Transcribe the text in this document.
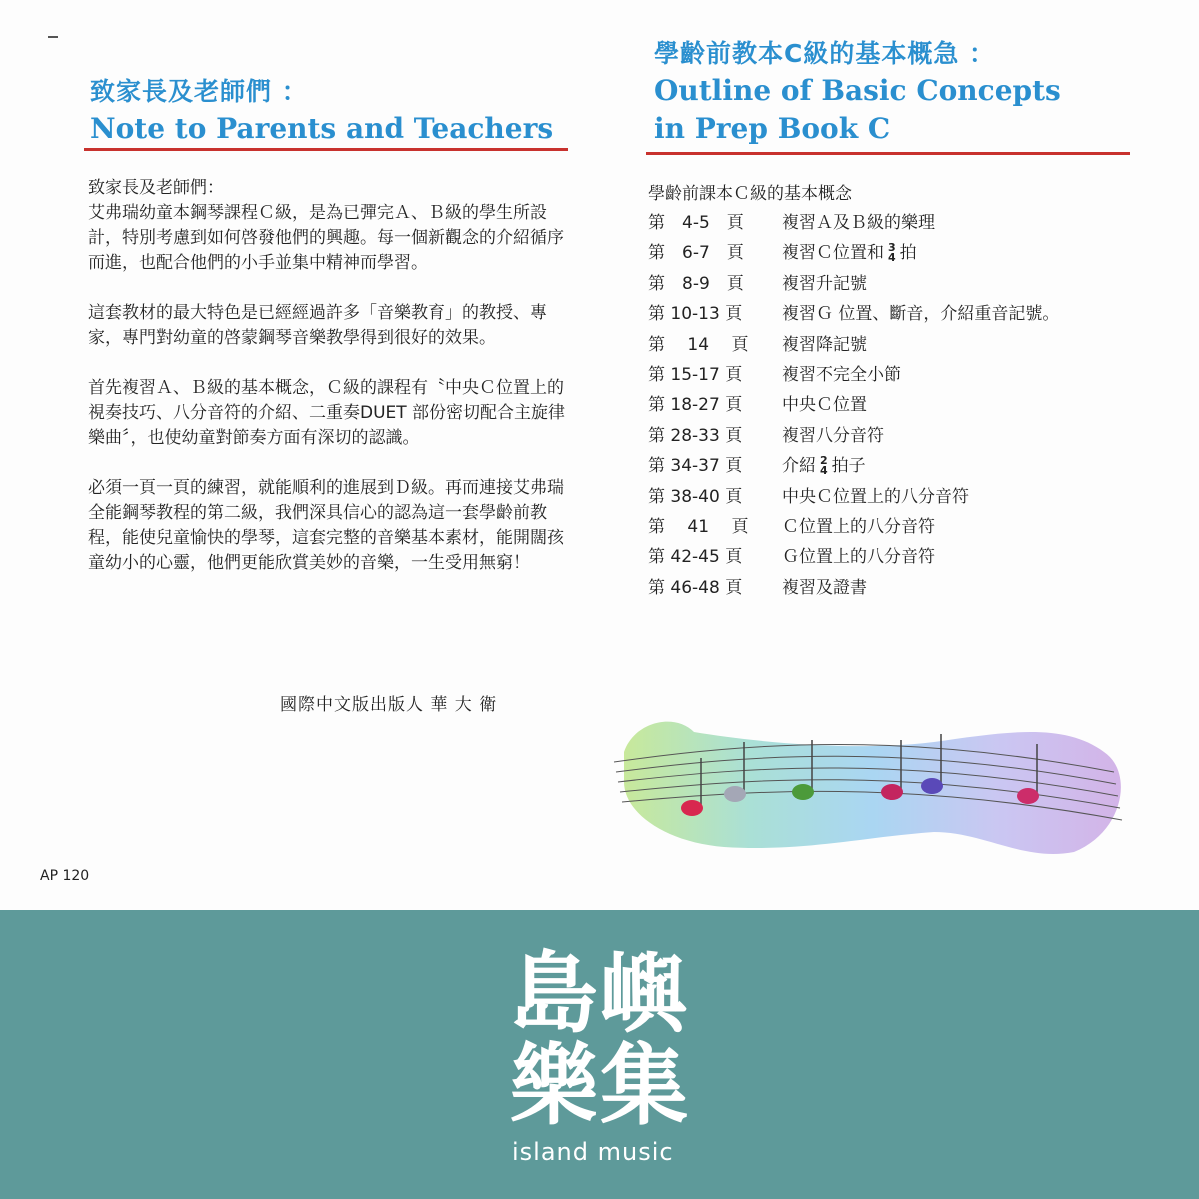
致家長及老師們 ：
Note to Parents and Teachers

致家長及老師們：
艾弗瑞幼童本鋼琴課程Ｃ級，是為已彈完Ａ、Ｂ級的學生所設計，特別考慮到如何啓發他們的興趣。每一個新觀念的介紹循序而進，也配合他們的小手並集中精神而學習。

這套教材的最大特色是已經經過許多「音樂教育」的教授、專家，專門對幼童的啓蒙鋼琴音樂教學得到很好的效果。

首先複習Ａ、Ｂ級的基本概念，Ｃ級的課程有〝中央Ｃ位置上的視奏技巧、八分音符的介紹、二重奏DUET 部份密切配合主旋律樂曲〞，也使幼童對節奏方面有深切的認識。

必須一頁一頁的練習，就能順利的進展到Ｄ級。再而連接艾弗瑞全能鋼琴教程的第二級，我們深具信心的認為這一套學齡前教程，能使兒童愉快的學琴，這套完整的音樂基本素材，能開闊孩童幼小的心靈，他們更能欣賞美妙的音樂，一生受用無窮！

國際中文版出版人 華 大 衛
學齡前教本C級的基本概急 ：
Outline of Basic Concepts
in Prep Book C
學齡前課本Ｃ級的基本概念
第　4-5　頁	複習Ａ及Ｂ級的樂理
第　6-7　頁	複習Ｃ位置和 3
4 拍
第　8-9　頁	複習升記號
第 10-13 頁	複習Ｇ 位置、斷音，介紹重音記號。
第　 14 　頁	複習降記號
第 15-17 頁	複習不完全小節
第 18-27 頁	中央Ｃ位置
第 28-33 頁	複習八分音符
第 34-37 頁	介紹 2
4 拍子
第 38-40 頁	中央Ｃ位置上的八分音符
第　 41 　頁	Ｃ位置上的八分音符
第 42-45 頁	Ｇ位置上的八分音符
第 46-48 頁	複習及證書
AP 120
島 嶼
樂 集
island music
